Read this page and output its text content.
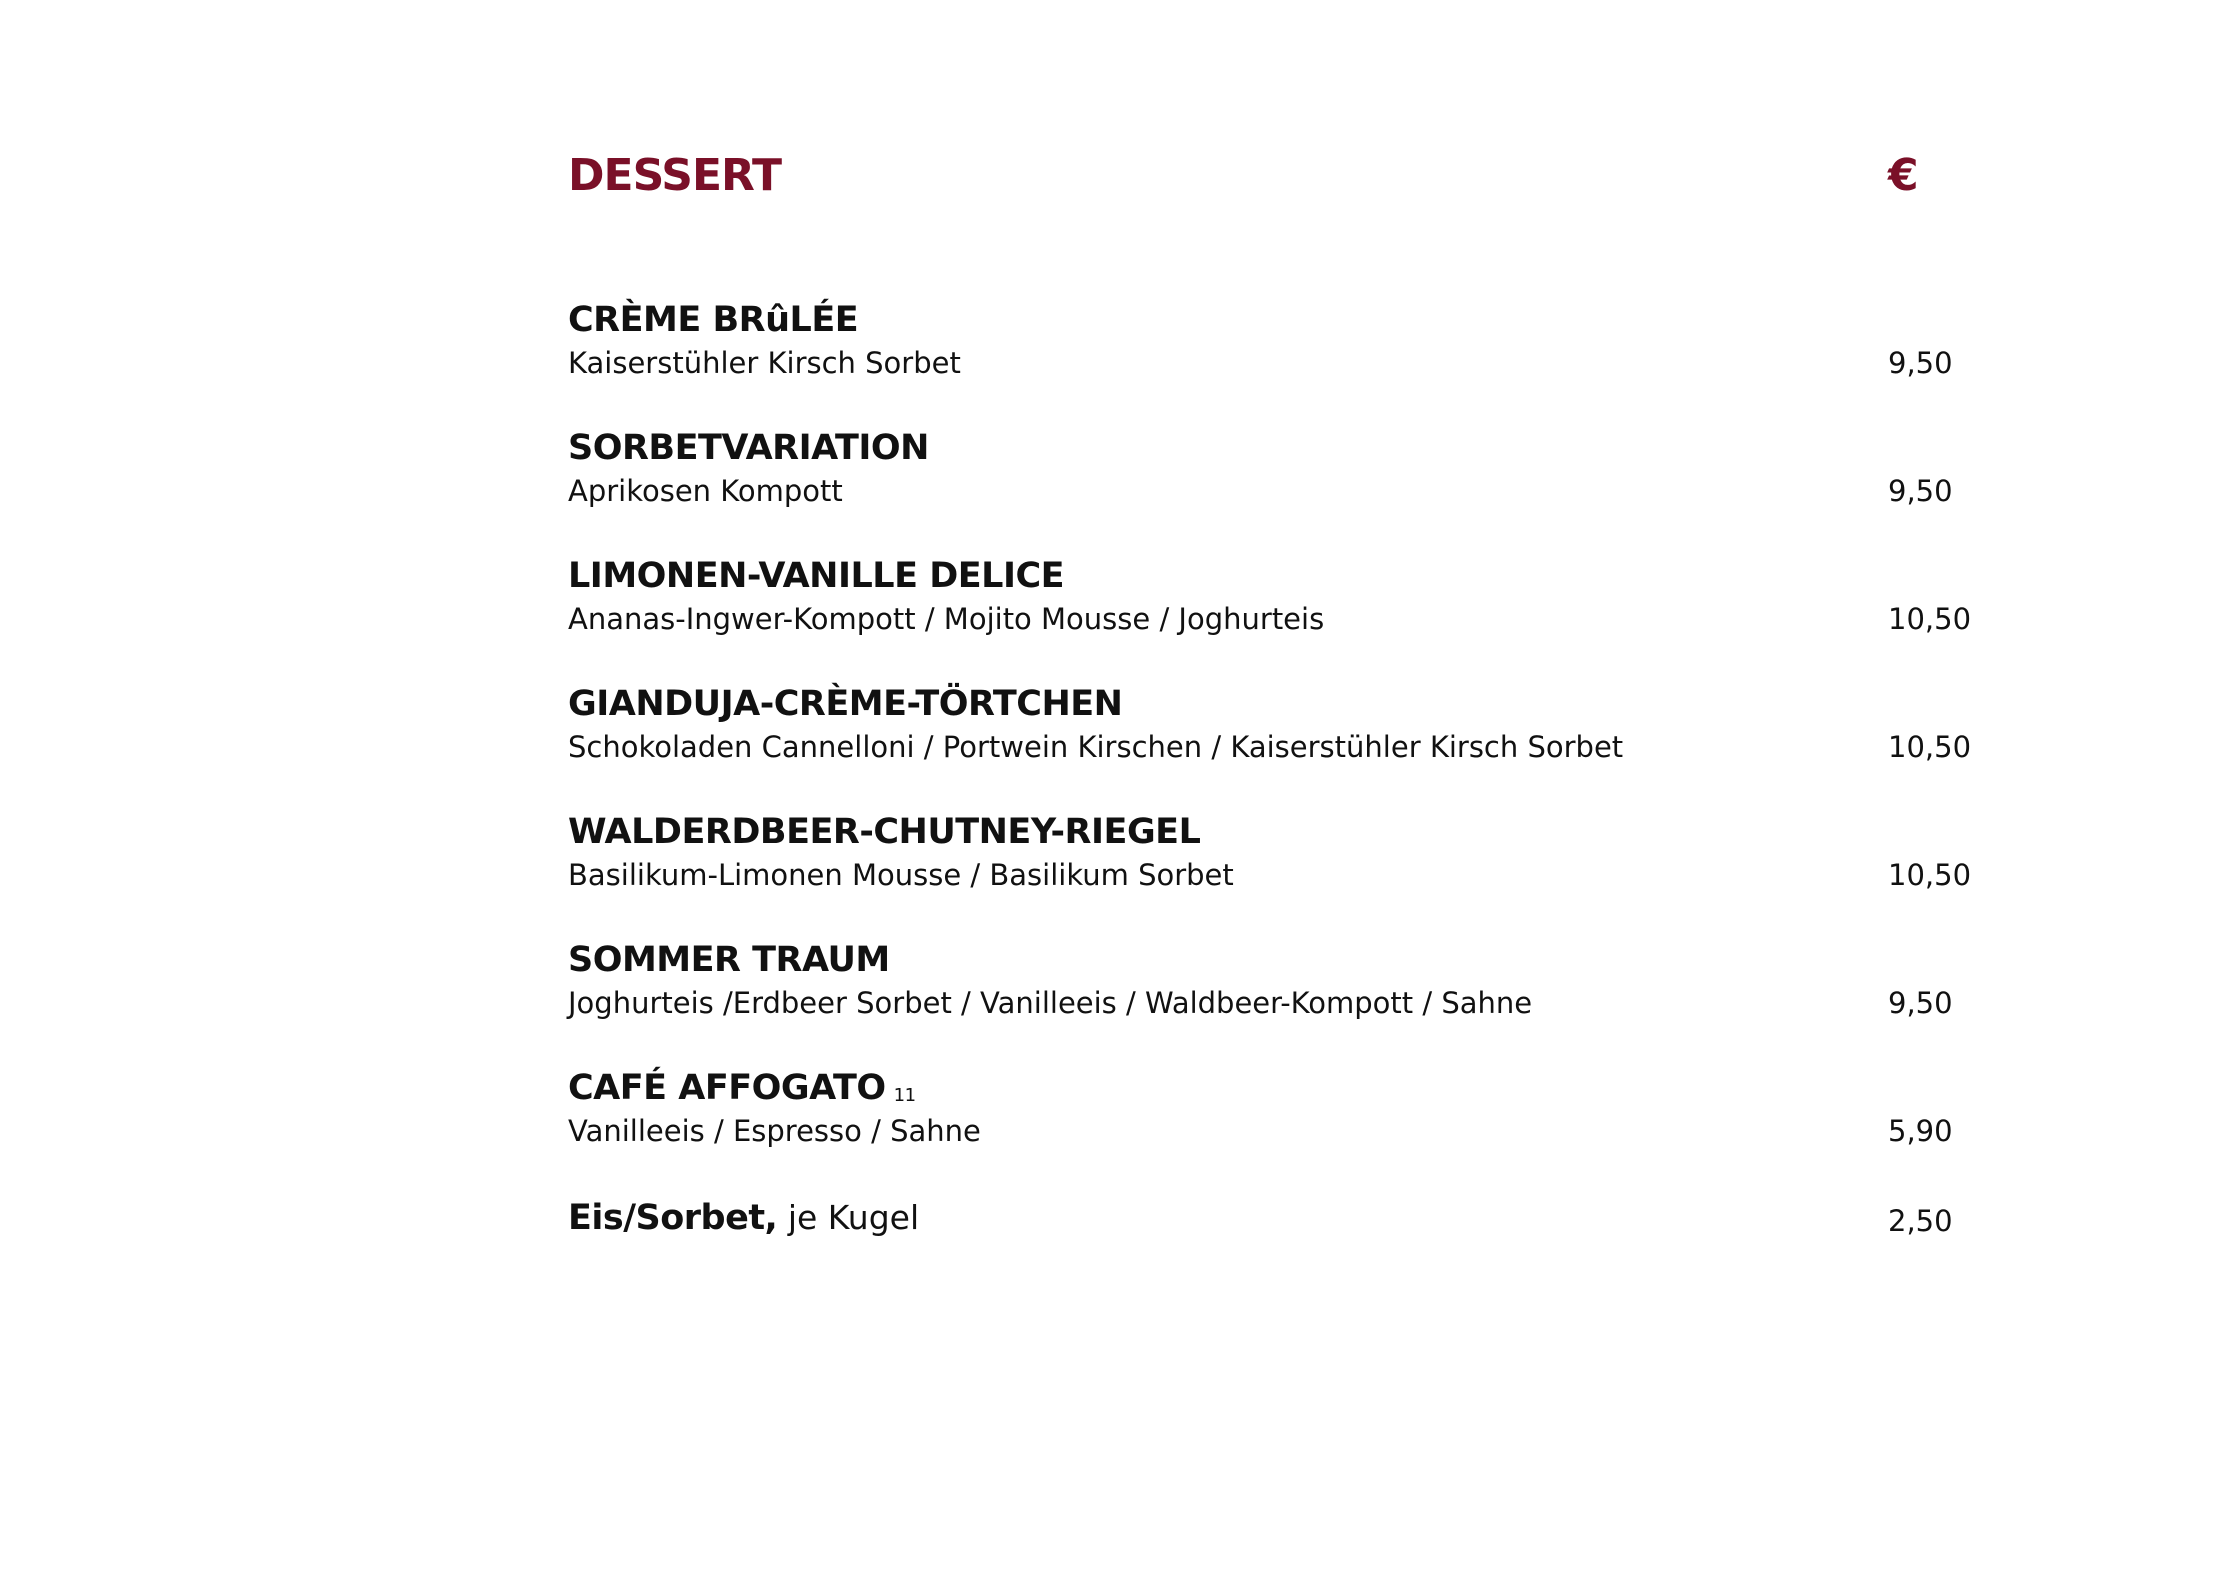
DESSERT	€
CRÈME BRûLÉE
Kaiserstühler Kirsch Sorbet	9,50
SORBETVARIATION
Aprikosen Kompott	9,50
LIMONEN-VANILLE DELICE
Ananas-Ingwer-Kompott / Mojito Mousse / Joghurteis	10,50
GIANDUJA-CRÈME-TÖRTCHEN
Schokoladen Cannelloni / Portwein Kirschen / Kaiserstühler Kirsch Sorbet	10,50
WALDERDBEER-CHUTNEY-RIEGEL
Basilikum-Limonen Mousse / Basilikum Sorbet	10,50
SOMMER TRAUM
Joghurteis /Erdbeer Sorbet / Vanilleeis / Waldbeer-Kompott / Sahne	9,50
CAFÉ AFFOGATO 11
Vanilleeis / Espresso / Sahne	5,90
Eis/Sorbet, je Kugel	2,50
